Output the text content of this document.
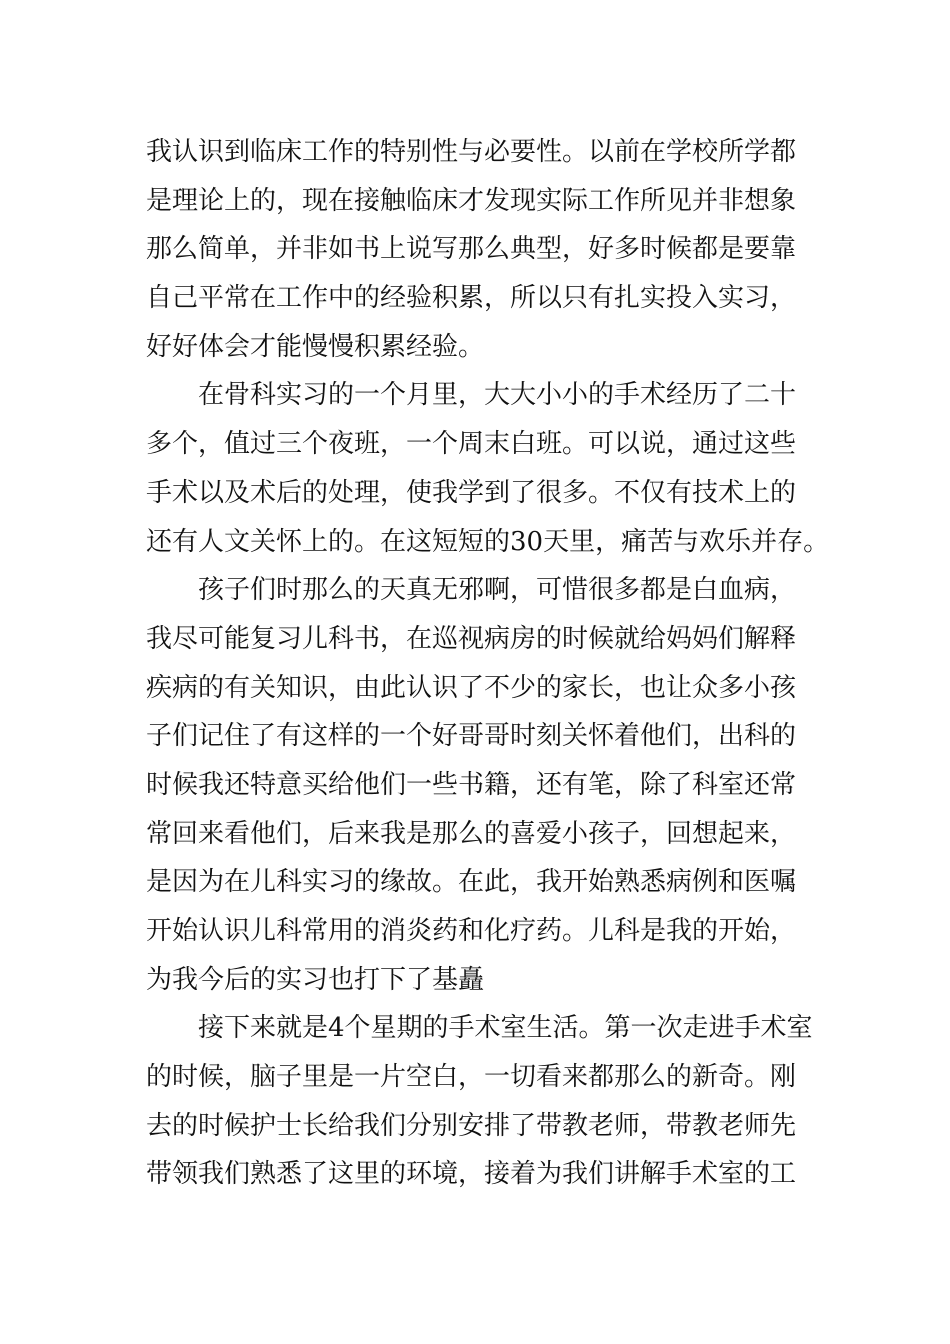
我认识到临床工作的特别性与必要性。以前在学校所学都
是理论上的，现在接触临床才发现实际工作所见并非想象
那么简单，并非如书上说写那么典型，好多时候都是要靠
自己平常在工作中的经验积累，所以只有扎实投入实习，
好好体会才能慢慢积累经验。
在骨科实习的一个月里，大大小小的手术经历了二十
多个，值过三个夜班，一个周末白班。可以说，通过这些
手术以及术后的处理，使我学到了很多。不仅有技术上的
还有人文关怀上的。在这短短的30天里，痛苦与欢乐并存。
孩子们时那么的天真无邪啊，可惜很多都是白血病，
我尽可能复习儿科书，在巡视病房的时候就给妈妈们解释
疾病的有关知识，由此认识了不少的家长，也让众多小孩
子们记住了有这样的一个好哥哥时刻关怀着他们，出科的
时候我还特意买给他们一些书籍，还有笔，除了科室还常
常回来看他们，后来我是那么的喜爱小孩子，回想起来，
是因为在儿科实习的缘故。在此，我开始熟悉病例和医嘱
开始认识儿科常用的消炎药和化疗药。儿科是我的开始，
为我今后的实习也打下了基矗
接下来就是4个星期的手术室生活。第一次走进手术室
的时候，脑子里是一片空白，一切看来都那么的新奇。刚
去的时候护士长给我们分别安排了带教老师，带教老师先
带领我们熟悉了这里的环境，接着为我们讲解手术室的工
